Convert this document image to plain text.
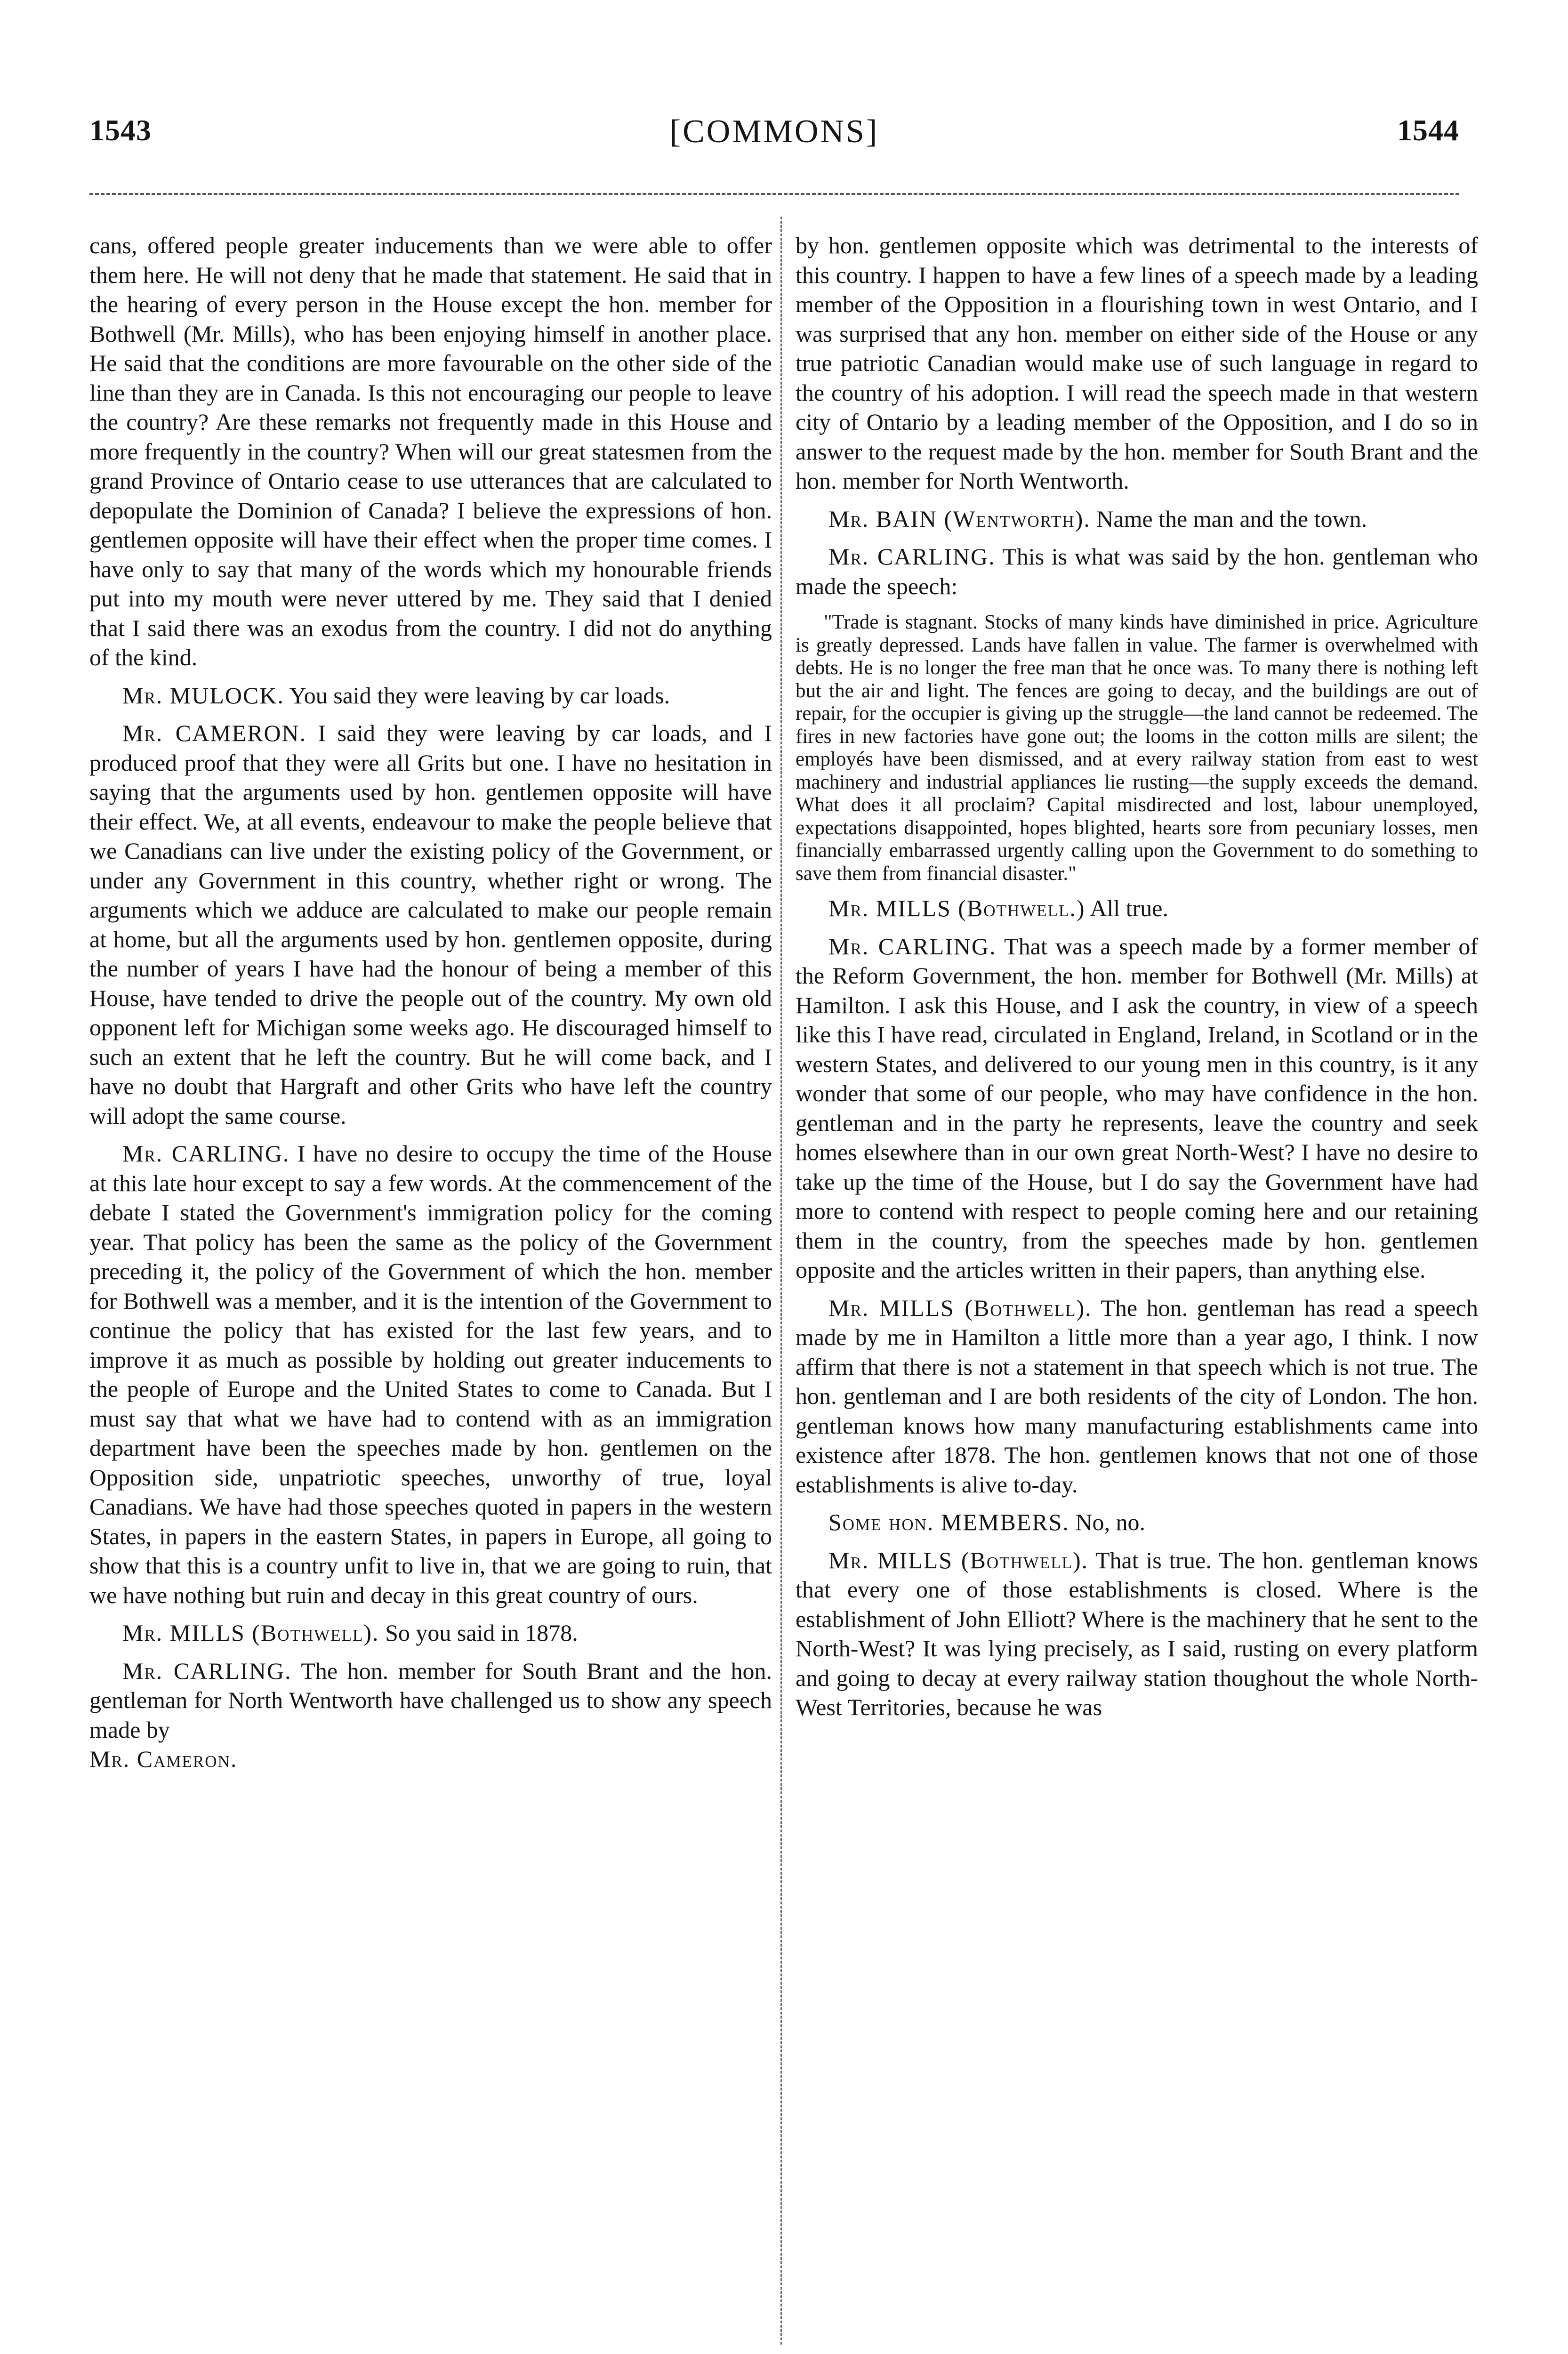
1543	[COMMONS]	1544

cans, offered people greater inducements than we were able to offer them here. He will not deny that he made that statement. He said that in the hearing of every person in the House except the hon. member for Bothwell (Mr. Mills), who has been enjoying himself in another place. He said that the conditions are more favourable on the other side of the line than they are in Canada. Is this not encouraging our people to leave the country? Are these remarks not frequently made in this House and more frequently in the country? When will our great statesmen from the grand Province of Ontario cease to use utterances that are calculated to depopulate the Dominion of Canada? I believe the expressions of hon. gentlemen opposite will have their effect when the proper time comes. I have only to say that many of the words which my honourable friends put into my mouth were never uttered by me. They said that I denied that I said there was an exodus from the country. I did not do anything of the kind.

Mr. MULOCK. You said they were leaving by car loads.

Mr. CAMERON. I said they were leaving by car loads, and I produced proof that they were all Grits but one. I have no hesitation in saying that the arguments used by hon. gentlemen opposite will have their effect. We, at all events, endeavour to make the people believe that we Canadians can live under the existing policy of the Government, or under any Government in this country, whether right or wrong. The arguments which we adduce are calculated to make our people remain at home, but all the arguments used by hon. gentlemen opposite, during the number of years I have had the honour of being a member of this House, have tended to drive the people out of the country. My own old opponent left for Michigan some weeks ago. He discouraged himself to such an extent that he left the country. But he will come back, and I have no doubt that Hargraft and other Grits who have left the country will adopt the same course.

Mr. CARLING. I have no desire to occupy the time of the House at this late hour except to say a few words. At the commencement of the debate I stated the Government's immigration policy for the coming year. That policy has been the same as the policy of the Government preceding it, the policy of the Government of which the hon. member for Bothwell was a member, and it is the intention of the Government to continue the policy that has existed for the last few years, and to improve it as much as possible by holding out greater inducements to the people of Europe and the United States to come to Canada. But I must say that what we have had to contend with as an immigration department have been the speeches made by hon. gentlemen on the Opposition side, unpatriotic speeches, unworthy of true, loyal Canadians. We have had those speeches quoted in papers in the western States, in papers in the eastern States, in papers in Europe, all going to show that this is a country unfit to live in, that we are going to ruin, that we have nothing but ruin and decay in this great country of ours.

Mr. MILLS (Bothwell). So you said in 1878.

Mr. CARLING. The hon. member for South Brant and the hon. gentleman for North Wentworth have challenged us to show any speech made by

Mr. Cameron.

by hon. gentlemen opposite which was detrimental to the interests of this country. I happen to have a few lines of a speech made by a leading member of the Opposition in a flourishing town in west Ontario, and I was surprised that any hon. member on either side of the House or any true patriotic Canadian would make use of such language in regard to the country of his adoption. I will read the speech made in that western city of Ontario by a leading member of the Opposition, and I do so in answer to the request made by the hon. member for South Brant and the hon. member for North Wentworth.

Mr. BAIN (Wentworth). Name the man and the town.

Mr. CARLING. This is what was said by the hon. gentleman who made the speech:

"Trade is stagnant. Stocks of many kinds have diminished in price. Agriculture is greatly depressed. Lands have fallen in value. The farmer is overwhelmed with debts. He is no longer the free man that he once was. To many there is nothing left but the air and light. The fences are going to decay, and the buildings are out of repair, for the occupier is giving up the struggle—the land cannot be redeemed. The fires in new factories have gone out; the looms in the cotton mills are silent; the employés have been dismissed, and at every railway station from east to west machinery and industrial appliances lie rusting—the supply exceeds the demand. What does it all proclaim? Capital misdirected and lost, labour unemployed, expectations disappointed, hopes blighted, hearts sore from pecuniary losses, men financially embarrassed urgently calling upon the Government to do something to save them from financial disaster."

Mr. MILLS (Bothwell.) All true.

Mr. CARLING. That was a speech made by a former member of the Reform Government, the hon. member for Bothwell (Mr. Mills) at Hamilton. I ask this House, and I ask the country, in view of a speech like this I have read, circulated in England, Ireland, in Scotland or in the western States, and delivered to our young men in this country, is it any wonder that some of our people, who may have confidence in the hon. gentleman and in the party he represents, leave the country and seek homes elsewhere than in our own great North-West? I have no desire to take up the time of the House, but I do say the Government have had more to contend with respect to people coming here and our retaining them in the country, from the speeches made by hon. gentlemen opposite and the articles written in their papers, than anything else.

Mr. MILLS (Bothwell). The hon. gentleman has read a speech made by me in Hamilton a little more than a year ago, I think. I now affirm that there is not a statement in that speech which is not true. The hon. gentleman and I are both residents of the city of London. The hon. gentleman knows how many manufacturing establishments came into existence after 1878. The hon. gentlemen knows that not one of those establishments is alive to-day.

Some hon. MEMBERS. No, no.

Mr. MILLS (Bothwell). That is true. The hon. gentleman knows that every one of those establishments is closed. Where is the establishment of John Elliott? Where is the machinery that he sent to the North-West? It was lying precisely, as I said, rusting on every platform and going to decay at every railway station thoughout the whole North-West Territories, because he was
